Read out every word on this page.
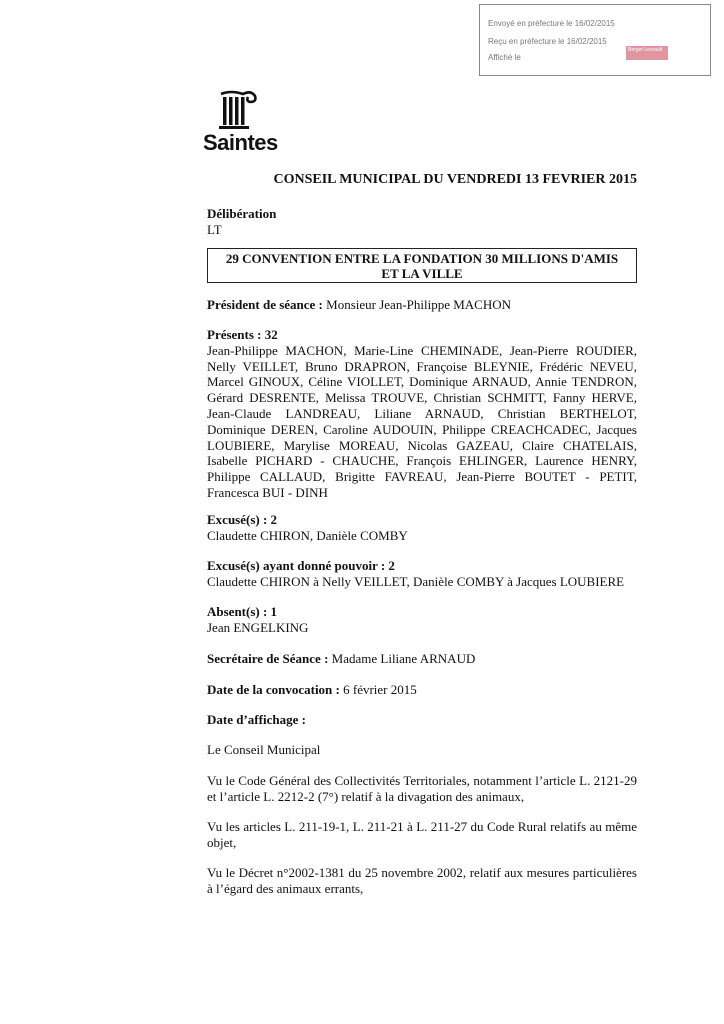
Envoyé en préfecture le 16/02/2015
Reçu en préfecture le 16/02/2015
Affiché le
Berger Levrault
Saintes
CONSEIL MUNICIPAL DU VENDREDI 13 FEVRIER 2015
Délibération
LT
29 CONVENTION ENTRE LA FONDATION 30 MILLIONS D'AMIS
ET LA VILLE
Président de séance : Monsieur Jean-Philippe MACHON
Présents : 32
Jean-Philippe MACHON, Marie-Line CHEMINADE, Jean-Pierre ROUDIER, Nelly VEILLET, Bruno DRAPRON, Françoise BLEYNIE, Frédéric NEVEU, Marcel GINOUX, Céline VIOLLET, Dominique ARNAUD, Annie TENDRON, Gérard DESRENTE, Melissa TROUVE, Christian SCHMITT, Fanny HERVE, Jean-Claude LANDREAU, Liliane ARNAUD, Christian BERTHELOT, Dominique DEREN, Caroline AUDOUIN, Philippe CREACHCADEC, Jacques LOUBIERE, Marylise MOREAU, Nicolas GAZEAU, Claire CHATELAIS, Isabelle PICHARD - CHAUCHE, François EHLINGER, Laurence HENRY, Philippe CALLAUD, Brigitte FAVREAU, Jean-Pierre BOUTET - PETIT, Francesca BUI - DINH
Excusé(s) : 2
Claudette CHIRON, Danièle COMBY
Excusé(s) ayant donné pouvoir : 2
Claudette CHIRON à Nelly VEILLET, Danièle COMBY à Jacques LOUBIERE
Absent(s) : 1
Jean ENGELKING
Secrétaire de Séance : Madame Liliane ARNAUD
Date de la convocation : 6 février 2015
Date d’affichage :
Le Conseil Municipal
Vu le Code Général des Collectivités Territoriales, notamment l’article L. 2121-29 et l’article L. 2212-2 (7°) relatif à la divagation des animaux,
Vu les articles L. 211-19-1, L. 211-21 à L. 211-27 du Code Rural relatifs au même objet,
Vu le Décret n°2002-1381 du 25 novembre 2002, relatif aux mesures particulières à l’égard des animaux errants,
